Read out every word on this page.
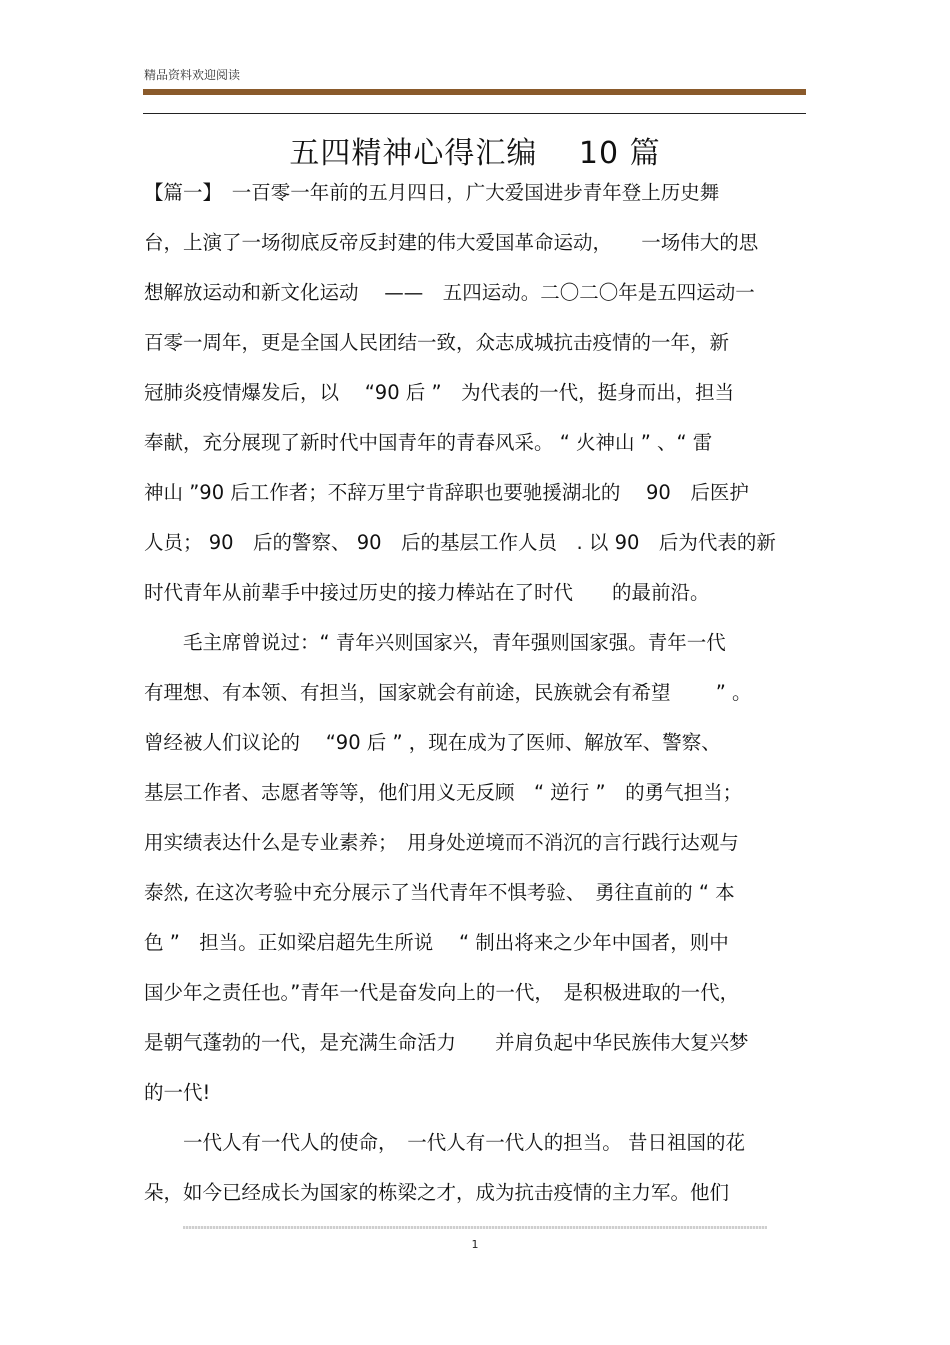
精品资料欢迎阅读
五四精神心得汇编　 10 篇
【篇一】　一百零一年前的五月四日，广大爱国进步青年登上历史舞
台，上演了一场彻底反帝反封建的伟大爱国革命运动，　　一场伟大的思
想解放运动和新文化运动　 ——　五四运动。二〇二〇年是五四运动一
百零一周年，更是全国人民团结一致，众志成城抗击疫情的一年，新
冠肺炎疫情爆发后，以　 “90 后 ”　为代表的一代，挺身而出，担当
奉献，充分展现了新时代中国青年的青春风采。 “ 火神山 ” 、“ 雷
神山 ”90 后工作者；不辞万里宁肯辞职也要驰援湖北的　 90　后医护
人员； 90　后的警察、 90　后的基层工作人员　. 以 90　后为代表的新
时代青年从前辈手中接过历史的接力棒站在了时代　　的最前沿。
　　毛主席曾说过：“ 青年兴则国家兴，青年强则国家强。青年一代
有理想、有本领、有担当，国家就会有前途，民族就会有希望　　 ” 。
曾经被人们议论的　 “90 后 ” ，现在成为了医师、解放军、警察、
基层工作者、志愿者等等，他们用义无反顾　“ 逆行 ”　的勇气担当；
用实绩表达什么是专业素养；　用身处逆境而不消沉的言行践行达观与
泰然, 在这次考验中充分展示了当代青年不惧考验、　勇往直前的 “ 本
色 ”　担当。正如梁启超先生所说　 “ 制出将来之少年中国者，则中
国少年之责任也。”青年一代是奋发向上的一代，　是积极进取的一代，
是朝气蓬勃的一代，是充满生命活力　　并肩负起中华民族伟大复兴梦
的一代!
　　一代人有一代人的使命，　一代人有一代人的担当。 昔日祖国的花
朵，如今已经成长为国家的栋梁之才，成为抗击疫情的主力军。他们
1
